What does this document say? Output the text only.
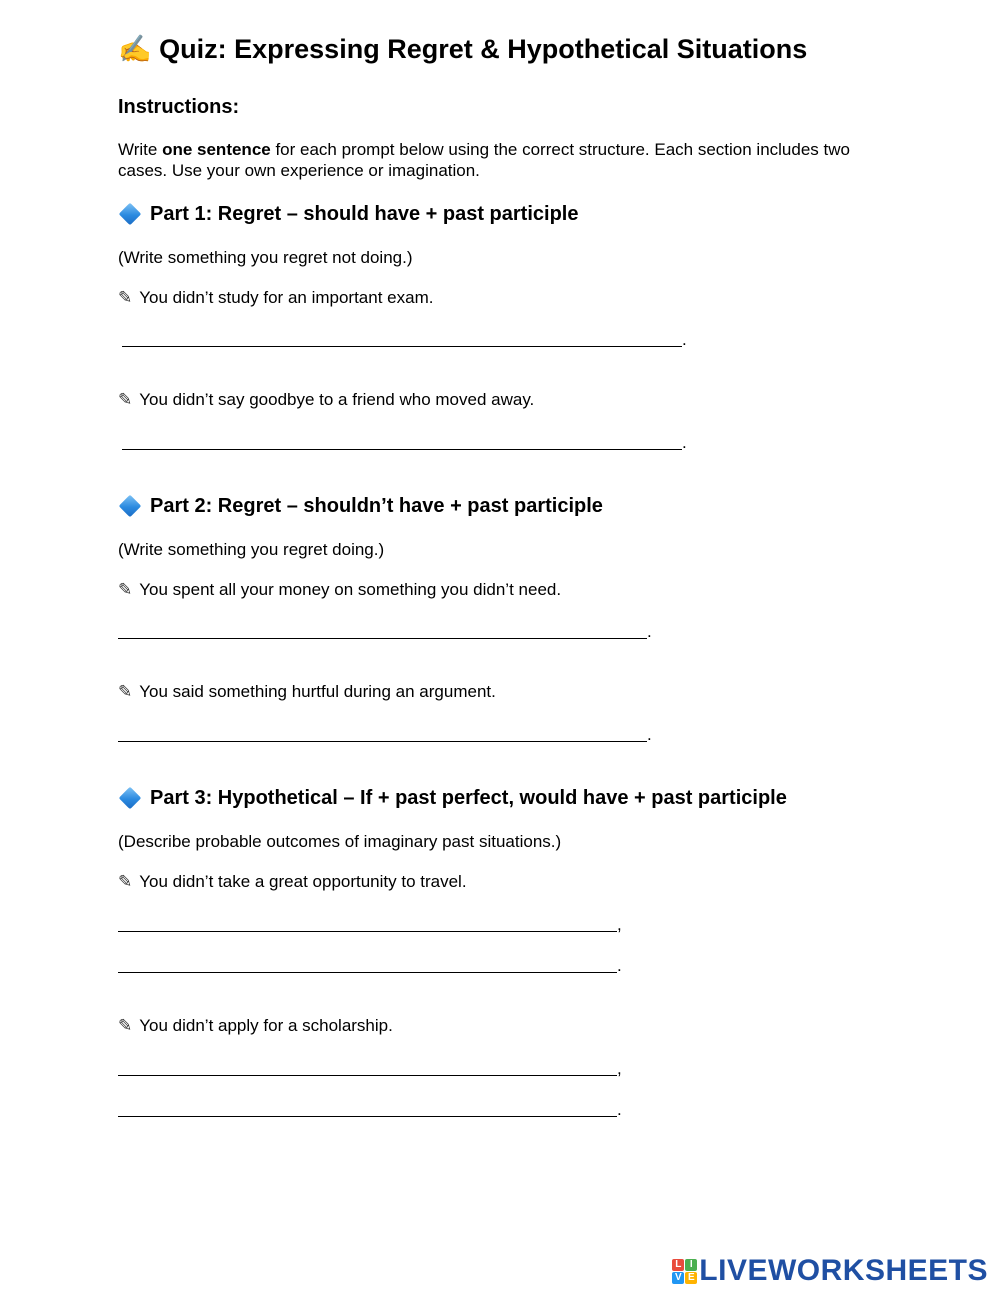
✍️ Quiz: Expressing Regret & Hypothetical Situations
Instructions:
Write one sentence for each prompt below using the correct structure. Each section includes two cases. Use your own experience or imagination.
Part 1: Regret – should have + past participle
(Write something you regret not doing.)
✎ You didn’t study for an important exam.
.
✎ You didn’t say goodbye to a friend who moved away.
.
Part 2: Regret – shouldn’t have + past participle
(Write something you regret doing.)
✎ You spent all your money on something you didn’t need.
.
✎ You said something hurtful during an argument.
.
Part 3: Hypothetical – If + past perfect, would have + past participle
(Describe probable outcomes of imaginary past situations.)
✎ You didn’t take a great opportunity to travel.
,
.
✎ You didn’t apply for a scholarship.
,
.
L I
V E LIVEWORKSHEETS
